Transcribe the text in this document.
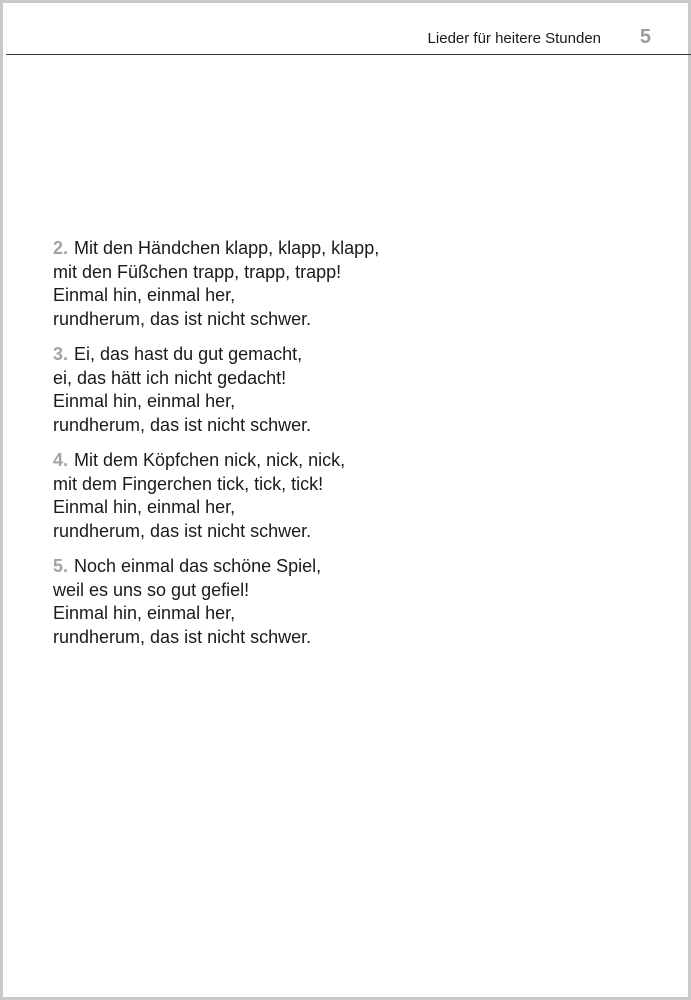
Lieder für heitere Stunden 5
2. Mit den Händchen klapp, klapp, klapp,
mit den Füßchen trapp, trapp, trapp!
Einmal hin, einmal her,
rundherum, das ist nicht schwer.
3. Ei, das hast du gut gemacht,
ei, das hätt ich nicht gedacht!
Einmal hin, einmal her,
rundherum, das ist nicht schwer.
4. Mit dem Köpfchen nick, nick, nick,
mit dem Fingerchen tick, tick, tick!
Einmal hin, einmal her,
rundherum, das ist nicht schwer.
5. Noch einmal das schöne Spiel,
weil es uns so gut gefiel!
Einmal hin, einmal her,
rundherum, das ist nicht schwer.
